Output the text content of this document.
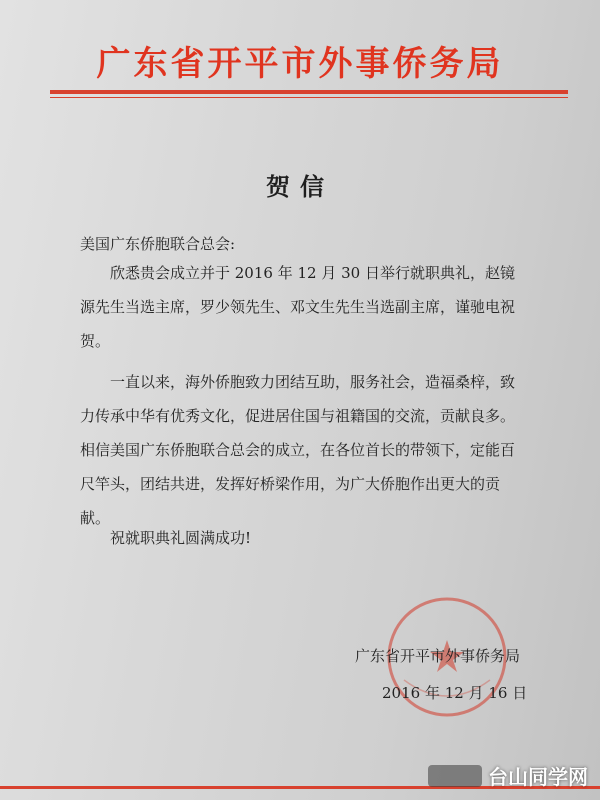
广东省开平市外事侨务局
贺信
美国广东侨胞联合总会:
欣悉贵会成立并于 2016 年 12 月 30 日举行就职典礼，赵镜源先生当选主席，罗少领先生、邓文生先生当选副主席，谨驰电祝贺。
一直以来，海外侨胞致力团结互助，服务社会，造福桑梓，致力传承中华有优秀文化，促进居住国与祖籍国的交流，贡献良多。相信美国广东侨胞联合总会的成立，在各位首长的带领下，定能百尺竿头，团结共进，发挥好桥梁作用，为广大侨胞作出更大的贡献。
祝就职典礼圆满成功!
广东省开平市外事侨务局
2016 年 12 月 16 日
台山同学网
